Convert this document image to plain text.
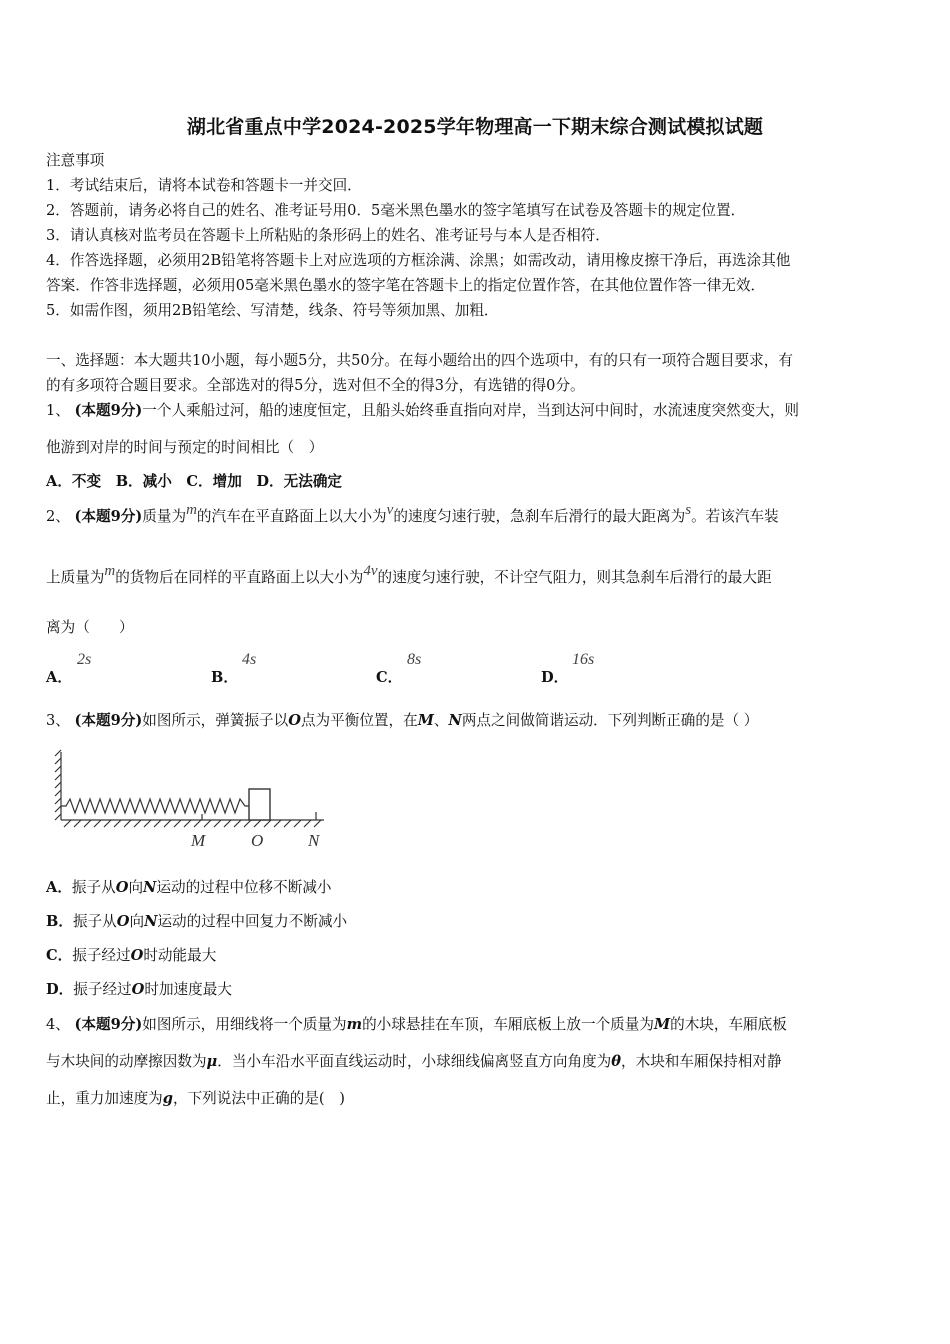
湖北省重点中学2024-2025学年物理高一下期末综合测试模拟试题
注意事项
1．考试结束后，请将本试卷和答题卡一并交回．
2．答题前，请务必将自己的姓名、准考证号用0．5毫米黑色墨水的签字笔填写在试卷及答题卡的规定位置．
3．请认真核对监考员在答题卡上所粘贴的条形码上的姓名、准考证号与本人是否相符．
4．作答选择题，必须用2B铅笔将答题卡上对应选项的方框涂满、涂黑；如需改动，请用橡皮擦干净后，再选涂其他
答案．作答非选择题，必须用05毫米黑色墨水的签字笔在答题卡上的指定位置作答，在其他位置作答一律无效．
5．如需作图，须用2B铅笔绘、写清楚，线条、符号等须加黑、加粗．
一、选择题：本大题共10小题，每小题5分，共50分。在每小题给出的四个选项中，有的只有一项符合题目要求，有
的有多项符合题目要求。全部选对的得5分，选对但不全的得3分，有选错的得0分。
1、 (本题9分)一个人乘船过河，船的速度恒定，且船头始终垂直指向对岸，当到达河中间时，水流速度突然变大，则
他游到对岸的时间与预定的时间相比（　）
A．不变　B．减小　C．增加　D．无法确定
2、 (本题9分)质量为m的汽车在平直路面上以大小为v的速度匀速行驶，急刹车后滑行的最大距离为s。若该汽车装
上质量为m的货物后在同样的平直路面上以大小为4v的速度匀速行驶，不计空气阻力，则其急刹车后滑行的最大距
离为（　　）
A．
2s
B．
4s
C．
8s
D．
16s
3、 (本题9分)如图所示，弹簧振子以O点为平衡位置，在M、N两点之间做简谐运动．下列判断正确的是（ ）
M	O	N
A．振子从O向N运动的过程中位移不断减小
B．振子从O向N运动的过程中回复力不断减小
C．振子经过O时动能最大
D．振子经过O时加速度最大
4、 (本题9分)如图所示，用细线将一个质量为m的小球悬挂在车顶，车厢底板上放一个质量为M的木块，车厢底板
与木块间的动摩擦因数为μ．当小车沿水平面直线运动时，小球细线偏离竖直方向角度为θ，木块和车厢保持相对静
止，重力加速度为g，下列说法中正确的是(　)
